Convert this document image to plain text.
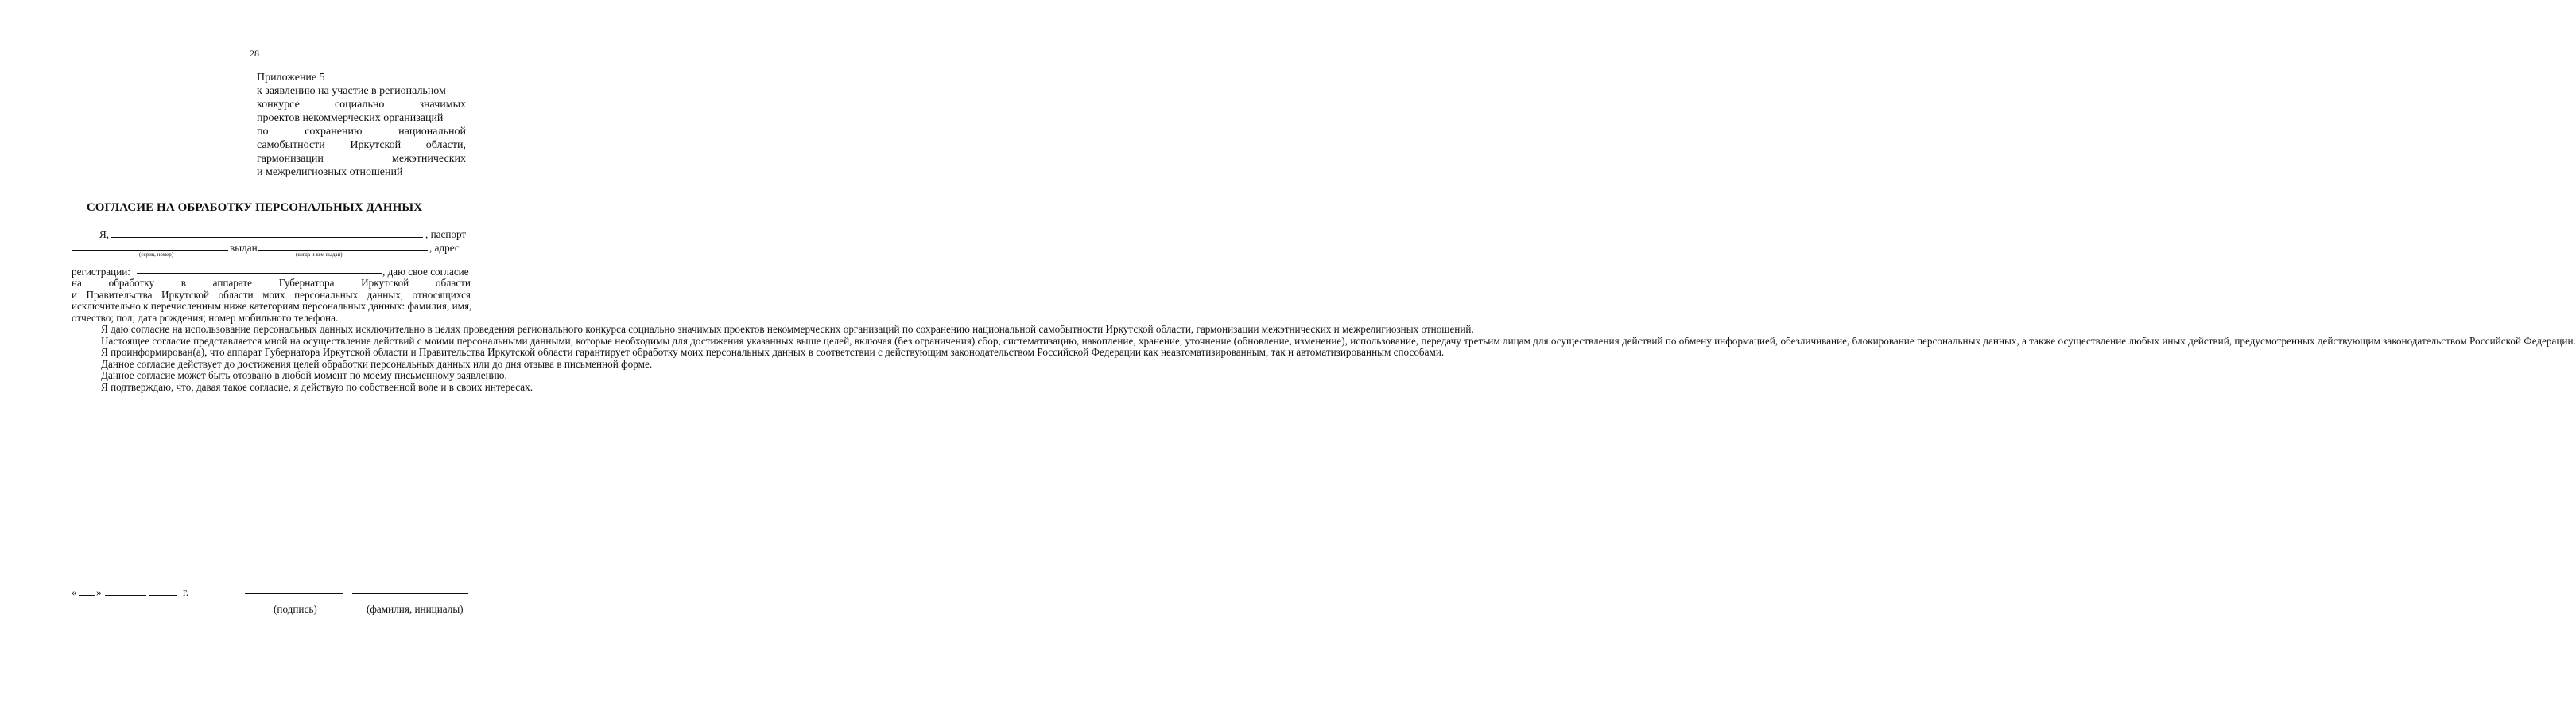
28
Приложение 5
к заявлению на участие в региональном
конкурсе социально значимых
проектов некоммерческих организаций
по сохранению национальной
самобытности Иркутской области,
гармонизации межэтнических
и межрелигиозных отношений
СОГЛАСИЕ НА ОБРАБОТКУ ПЕРСОНАЛЬНЫХ ДАННЫХ
Я,	, паспорт
выдан	, адрес
(серия, номер)	(когда и кем выдан)
регистрации:	, даю свое согласие

на обработку в аппарате Губернатора Иркутской области

и Правительства Иркутской области моих персональных данных, относящихся

исключительно к перечисленным ниже категориям персональных данных: фамилия, имя,

отчество; пол; дата рождения; номер мобильного телефона.

Я даю согласие на использование персональных данных исключительно в целях проведения регионального конкурса социально значимых проектов некоммерческих организаций по сохранению национальной самобытности Иркутской области, гармонизации межэтнических и межрелигиозных отношений.

Настоящее согласие представляется мной на осуществление действий с моими персональными данными, которые необходимы для достижения указанных выше целей, включая (без ограничения) сбор, систематизацию, накопление, хранение, уточнение (обновление, изменение), использование, передачу третьим лицам для осуществления действий по обмену информацией, обезличивание, блокирование персональных данных, а также осуществление любых иных действий, предусмотренных действующим законодательством Российской Федерации.

Я проинформирован(а), что аппарат Губернатора Иркутской области и Правительства Иркутской области гарантирует обработку моих персональных данных в соответствии с действующим законодательством Российской Федерации как неавтоматизированным, так и автоматизированным способами.

Данное согласие действует до достижения целей обработки персональных данных или до дня отзыва в письменной форме.

Данное согласие может быть отозвано в любой момент по моему письменному заявлению.

Я подтверждаю, что, давая такое согласие, я действую по собственной воле и в своих интересах.

« »	г.
(подпись)	(фамилия, инициалы)
